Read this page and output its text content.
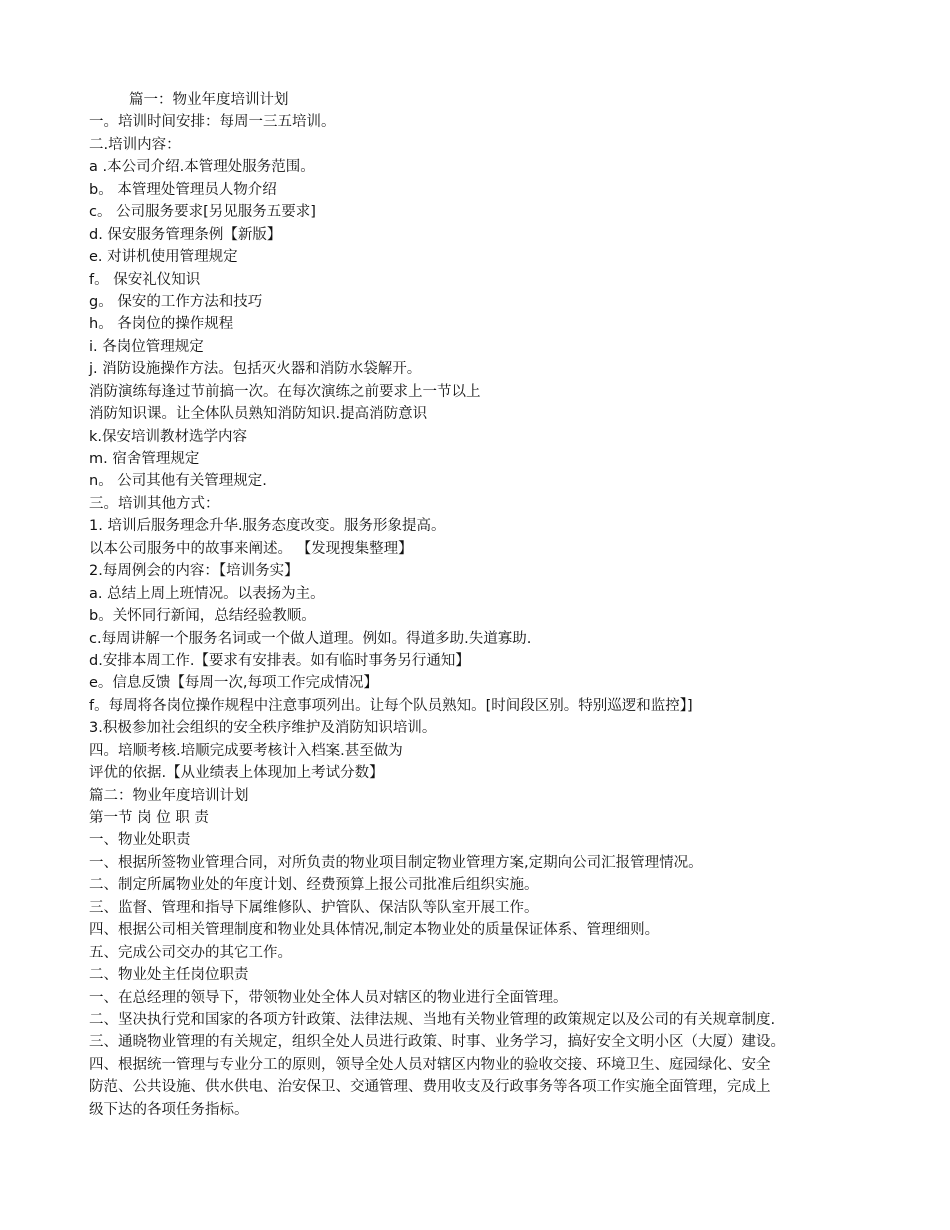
篇一：物业年度培训计划
一。培训时间安排：每周一三五培训。
二.培训内容：
a .本公司介绍.本管理处服务范围。
b。 本管理处管理员人物介绍
c。 公司服务要求[另见服务五要求]
d. 保安服务管理条例【新版】
e. 对讲机使用管理规定
f。 保安礼仪知识
g。 保安的工作方法和技巧
h。 各岗位的操作规程
i. 各岗位管理规定
j. 消防设施操作方法。包括灭火器和消防水袋解开。
消防演练每逢过节前搞一次。在每次演练之前要求上一节以上
消防知识课。让全体队员熟知消防知识.提高消防意识
k.保安培训教材选学内容
m. 宿舍管理规定
n。 公司其他有关管理规定.
三。培训其他方式：
1. 培训后服务理念升华.服务态度改变。服务形象提高。
以本公司服务中的故事来阐述。 【发现搜集整理】
2.每周例会的内容：【培训务实】
a. 总结上周上班情况。以表扬为主。
b。关怀同行新闻，总结经验教顺。
c.每周讲解一个服务名词或一个做人道理。例如。得道多助.失道寡助.
d.安排本周工作.【要求有安排表。如有临时事务另行通知】
e。信息反馈【每周一次,每项工作完成情况】
f。每周将各岗位操作规程中注意事项列出。让每个队员熟知。[时间段区别。特别巡逻和监控】]
3.积极参加社会组织的安全秩序维护及消防知识培训。
四。培顺考核.培顺完成要考核计入档案.甚至做为
评优的依据.【从业绩表上体现加上考试分数】
篇二：物业年度培训计划
第一节 岗 位 职 责
一、物业处职责
一、根据所签物业管理合同，对所负责的物业项目制定物业管理方案,定期向公司汇报管理情况。
二、制定所属物业处的年度计划、经费预算上报公司批准后组织实施。
三、监督、管理和指导下属维修队、护管队、保洁队等队室开展工作。
四、根据公司相关管理制度和物业处具体情况,制定本物业处的质量保证体系、管理细则。
五、完成公司交办的其它工作。
二、物业处主任岗位职责
一、在总经理的领导下，带领物业处全体人员对辖区的物业进行全面管理。
二、坚决执行党和国家的各项方针政策、法律法规、当地有关物业管理的政策规定以及公司的有关规章制度.
三、通晓物业管理的有关规定，组织全处人员进行政策、时事、业务学习，搞好安全文明小区（大厦）建设。
四、根据统一管理与专业分工的原则，领导全处人员对辖区内物业的验收交接、环境卫生、庭园绿化、安全
防范、公共设施、供水供电、治安保卫、交通管理、费用收支及行政事务等各项工作实施全面管理，完成上
级下达的各项任务指标。
